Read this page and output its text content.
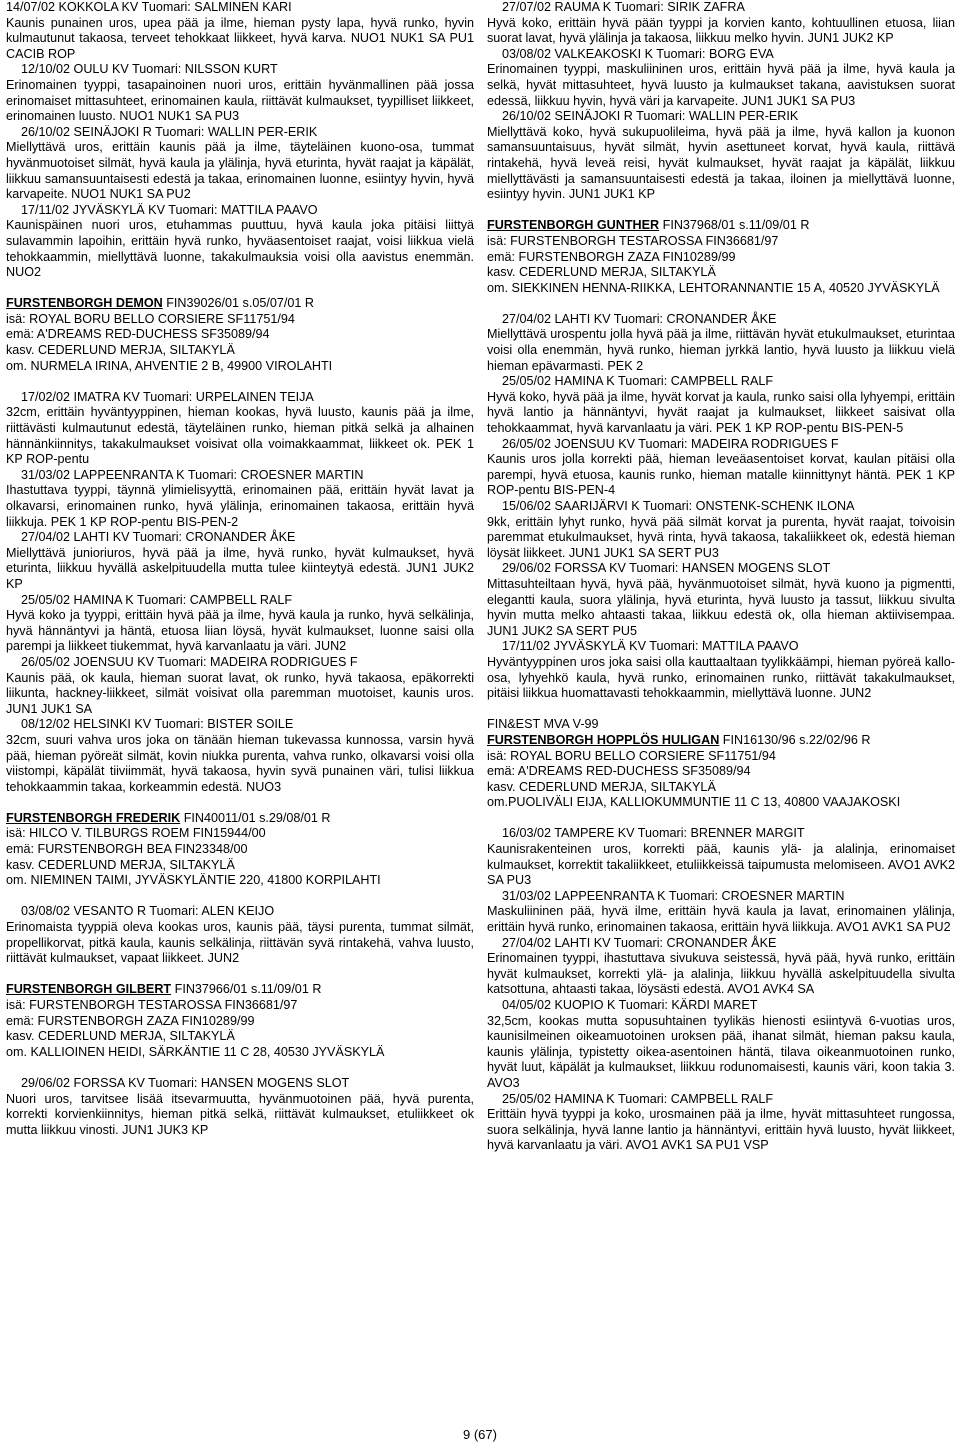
14/07/02 KOKKOLA KV Tuomari: SALMINEN KARI
Kaunis punainen uros, upea pää ja ilme, hieman pysty lapa, hyvä runko, hyvin kulmautunut takaosa, terveet tehokkaat liikkeet, hyvä karva. NUO1 NUK1 SA PU1 CACIB ROP
12/10/02 OULU KV Tuomari: NILSSON KURT
Erinomainen tyyppi, tasapainoinen nuori uros, erittäin hyvänmallinen pää jossa erinomaiset mittasuhteet, erinomainen kaula, riittävät kulmaukset, tyypilliset liikkeet, erinomainen luusto. NUO1 NUK1 SA PU3
26/10/02 SEINÄJOKI R Tuomari: WALLIN PER-ERIK
Miellyttävä uros, erittäin kaunis pää ja ilme, täyteläinen kuono-osa, tummat hyvänmuotoiset silmät, hyvä kaula ja ylälinja, hyvä eturinta, hyvät raajat ja käpälät, liikkuu samansuuntaisesti edestä ja takaa, erinomainen luonne, esiintyy hyvin, hyvä karvapeite. NUO1 NUK1 SA PU2
17/11/02 JYVÄSKYLÄ KV Tuomari: MATTILA PAAVO
Kaunispäinen nuori uros, etuhammas puuttuu, hyvä kaula joka pitäisi liittyä sulavammin lapoihin, erittäin hyvä runko, hyväasentoiset raajat, voisi liikkua vielä tehokkaammin, miellyttävä luonne, takakulmauksia voisi olla aavistus enemmän. NUO2
FURSTENBORGH DEMON FIN39026/01 s.05/07/01 R
isä: ROYAL BORU BELLO CORSIERE SF11751/94
emä: A'DREAMS RED-DUCHESS SF35089/94
kasv. CEDERLUND MERJA, SILTAKYLÄ
om. NURMELA IRINA, AHVENTIE 2 B, 49900 VIROLAHTI
17/02/02 IMATRA KV Tuomari: URPELAINEN TEIJA
32cm, erittäin hyväntyyppinen, hieman kookas, hyvä luusto, kaunis pää ja ilme, riittävästi kulmautunut edestä, täyteläinen runko, hieman pitkä selkä ja alhainen hännänkiinnitys, takakulmaukset voisivat olla voimakkaammat, liikkeet ok. PEK 1 KP ROP-pentu
31/03/02 LAPPEENRANTA K Tuomari: CROESNER MARTIN
Ihastuttava tyyppi, täynnä ylimielisyyttä, erinomainen pää, erittäin hyvät lavat ja olkavarsi, erinomainen runko, hyvä ylälinja, erinomainen takaosa, erittäin hyvä liikkuja. PEK 1 KP ROP-pentu BIS-PEN-2
27/04/02 LAHTI KV Tuomari: CRONANDER ÅKE
Miellyttävä junioriuros, hyvä pää ja ilme, hyvä runko, hyvät kulmaukset, hyvä eturinta, liikkuu hyvällä askelpituudella mutta tulee kiinteytyä edestä. JUN1 JUK2 KP
25/05/02 HAMINA K Tuomari: CAMPBELL RALF
Hyvä koko ja tyyppi, erittäin hyvä pää ja ilme, hyvä kaula ja runko, hyvä selkälinja, hyvä hännäntyvi ja häntä, etuosa liian löysä, hyvät kulmaukset, luonne saisi olla parempi ja liikkeet tiukemmat, hyvä karvanlaatu ja väri. JUN2
26/05/02 JOENSUU KV Tuomari: MADEIRA RODRIGUES F
Kaunis pää, ok kaula, hieman suorat lavat, ok runko, hyvä takaosa, epäkorrekti liikunta, hackney-liikkeet, silmät voisivat olla paremman muotoiset, kaunis uros. JUN1 JUK1 SA
08/12/02 HELSINKI KV Tuomari: BISTER SOILE
32cm, suuri vahva uros joka on tänään hieman tukevassa kunnossa, varsin hyvä pää, hieman pyöreät silmät, kovin niukka purenta, vahva runko, olkavarsi voisi olla viistompi, käpälät tiiviimmät, hyvä takaosa, hyvin syvä punainen väri, tulisi liikkua tehokkaammin takaa, korkeammin edestä. NUO3
FURSTENBORGH FREDERIK FIN40011/01 s.29/08/01 R
isä: HILCO V. TILBURGS ROEM FIN15944/00
emä: FURSTENBORGH BEA FIN23348/00
kasv. CEDERLUND MERJA, SILTAKYLÄ
om. NIEMINEN TAIMI, JYVÄSKYLÄNTIE 220, 41800 KORPILAHTI
03/08/02 VESANTO R Tuomari: ALEN KEIJO
Erinomaista tyyppiä oleva kookas uros, kaunis pää, täysi purenta, tummat silmät, propellikorvat, pitkä kaula, kaunis selkälinja, riittävän syvä rintakehä, vahva luusto, riittävät kulmaukset, vapaat liikkeet. JUN2
FURSTENBORGH GILBERT FIN37966/01 s.11/09/01 R
isä: FURSTENBORGH TESTAROSSA FIN36681/97
emä: FURSTENBORGH ZAZA FIN10289/99
kasv. CEDERLUND MERJA, SILTAKYLÄ
om. KALLIOINEN HEIDI, SÄRKÄNTIE 11 C 28, 40530 JYVÄSKYLÄ
29/06/02 FORSSA KV Tuomari: HANSEN MOGENS SLOT
Nuori uros, tarvitsee lisää itsevarmuutta, hyvänmuotoinen pää, hyvä purenta, korrekti korvienkiinnitys, hieman pitkä selkä, riittävät kulmaukset, etuliikkeet ok mutta liikkuu vinosti. JUN1 JUK3 KP
27/07/02 RAUMA K Tuomari: SIRIK ZAFRA
Hyvä koko, erittäin hyvä pään tyyppi ja korvien kanto, kohtuullinen etuosa, liian suorat lavat, hyvä ylälinja ja takaosa, liikkuu melko hyvin. JUN1 JUK2 KP
03/08/02 VALKEAKOSKI K Tuomari: BORG EVA
Erinomainen tyyppi, maskuliininen uros, erittäin hyvä pää ja ilme, hyvä kaula ja selkä, hyvät mittasuhteet, hyvä luusto ja kulmaukset takana, aavistuksen suorat edessä, liikkuu hyvin, hyvä väri ja karvapeite. JUN1 JUK1 SA PU3
26/10/02 SEINÄJOKI R Tuomari: WALLIN PER-ERIK
Miellyttävä koko, hyvä sukupuolileima, hyvä pää ja ilme, hyvä kallon ja kuonon samansuuntaisuus, hyvät silmät, hyvin asettuneet korvat, hyvä kaula, riittävä rintakehä, hyvä leveä reisi, hyvät kulmaukset, hyvät raajat ja käpälät, liikkuu miellyttävästi ja samansuuntaisesti edestä ja takaa, iloinen ja miellyttävä luonne, esiintyy hyvin. JUN1 JUK1 KP
FURSTENBORGH GUNTHER FIN37968/01 s.11/09/01 R
isä: FURSTENBORGH TESTAROSSA FIN36681/97
emä: FURSTENBORGH ZAZA FIN10289/99
kasv. CEDERLUND MERJA, SILTAKYLÄ
om. SIEKKINEN HENNA-RIIKKA, LEHTORANNANTIE 15 A, 40520 JYVÄSKYLÄ
27/04/02 LAHTI KV Tuomari: CRONANDER ÅKE
Miellyttävä urospentu jolla hyvä pää ja ilme, riittävän hyvät etukulmaukset, eturintaa voisi olla enemmän, hyvä runko, hieman jyrkkä lantio, hyvä luusto ja liikkuu vielä hieman epävarmasti. PEK 2
25/05/02 HAMINA K Tuomari: CAMPBELL RALF
Hyvä koko, hyvä pää ja ilme, hyvät korvat ja kaula, runko saisi olla lyhyempi, erittäin hyvä lantio ja hännäntyvi, hyvät raajat ja kulmaukset, liikkeet saisivat olla tehokkaammat, hyvä karvanlaatu ja väri. PEK 1 KP ROP-pentu BIS-PEN-5
26/05/02 JOENSUU KV Tuomari: MADEIRA RODRIGUES F
Kaunis uros jolla korrekti pää, hieman leveäasentoiset korvat, kaulan pitäisi olla parempi, hyvä etuosa, kaunis runko, hieman matalle kiinnittynyt häntä. PEK 1 KP ROP-pentu BIS-PEN-4
15/06/02 SAARIJÄRVI K Tuomari: ONSTENK-SCHENK ILONA
9kk, erittäin lyhyt runko, hyvä pää silmät korvat ja purenta, hyvät raajat, toivoisin paremmat etukulmaukset, hyvä rinta, hyvä takaosa, takaliikkeet ok, edestä hieman löysät liikkeet. JUN1 JUK1 SA SERT PU3
29/06/02 FORSSA KV Tuomari: HANSEN MOGENS SLOT
Mittasuhteiltaan hyvä, hyvä pää, hyvänmuotoiset silmät, hyvä kuono ja pigmentti, elegantti kaula, suora ylälinja, hyvä eturinta, hyvä luusto ja tassut, liikkuu sivulta hyvin mutta melko ahtaasti takaa, liikkuu edestä ok, olla hieman aktiivisempaa. JUN1 JUK2 SA SERT PU5
17/11/02 JYVÄSKYLÄ KV Tuomari: MATTILA PAAVO
Hyväntyyppinen uros joka saisi olla kauttaaltaan tyylikkäämpi, hieman pyöreä kallo-osa, lyhyehkö kaula, hyvä runko, erinomainen runko, riittävät takakulmaukset, pitäisi liikkua huomattavasti tehokkaammin, miellyttävä luonne. JUN2
FIN&EST MVA V-99
FURSTENBORGH HOPPLÖS HULIGAN FIN16130/96 s.22/02/96 R
isä: ROYAL BORU BELLO CORSIERE SF11751/94
emä: A'DREAMS RED-DUCHESS SF35089/94
kasv. CEDERLUND MERJA, SILTAKYLÄ
om.PUOLIVÄLI EIJA, KALLIOKUMMUNTIE 11 C 13, 40800 VAAJAKOSKI
16/03/02 TAMPERE KV Tuomari: BRENNER MARGIT
Kaunisrakenteinen uros, korrekti pää, kaunis ylä- ja alalinja, erinomaiset kulmaukset, korrektit takaliikkeet, etuliikkeissä taipumusta melomiseen. AVO1 AVK2 SA PU3
31/03/02 LAPPEENRANTA K Tuomari: CROESNER MARTIN
Maskuliininen pää, hyvä ilme, erittäin hyvä kaula ja lavat, erinomainen ylälinja, erittäin hyvä runko, erinomainen takaosa, erittäin hyvä liikkuja. AVO1 AVK1 SA PU2
27/04/02 LAHTI KV Tuomari: CRONANDER ÅKE
Erinomainen tyyppi, ihastuttava sivukuva seistessä, hyvä pää, hyvä runko, erittäin hyvät kulmaukset, korrekti ylä- ja alalinja, liikkuu hyvällä askelpituudella sivulta katsottuna, ahtaasti takaa, löysästi edestä. AVO1 AVK4 SA
04/05/02 KUOPIO K Tuomari: KÄRDI MARET
32,5cm, kookas mutta sopusuhtainen tyylikäs hienosti esiintyvä 6-vuotias uros, kaunisilmeinen oikeamuotoinen uroksen pää, ihanat silmät, hieman paksu kaula, kaunis ylälinja, typistetty oikea-asentoinen häntä, tilava oikeanmuotoinen runko, hyvät luut, käpälät ja kulmaukset, liikkuu rodunomaisesti, kaunis väri, koon takia 3. AVO3
25/05/02 HAMINA K Tuomari: CAMPBELL RALF
Erittäin hyvä tyyppi ja koko, urosmainen pää ja ilme, hyvät mittasuhteet rungossa, suora selkälinja, hyvä lanne lantio ja hännäntyvi, erittäin hyvä luusto, hyvät liikkeet, hyvä karvanlaatu ja väri. AVO1 AVK1 SA PU1 VSP
9 (67)
